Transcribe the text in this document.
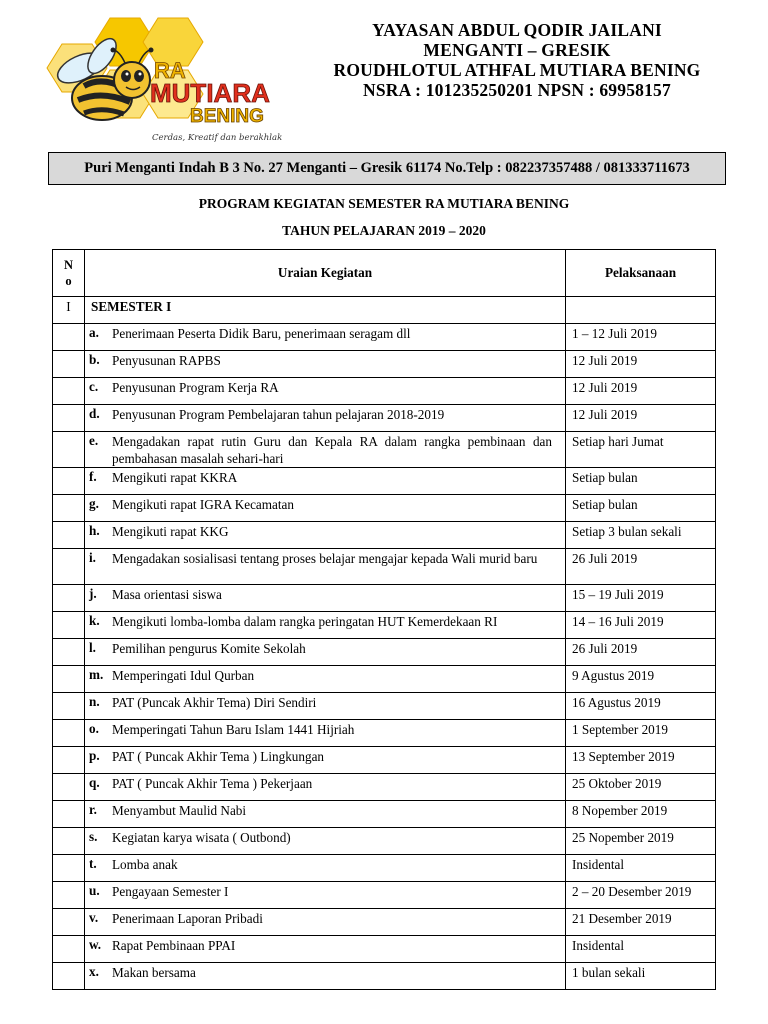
RA
MUTIARA
BENING
Cerdas, Kreatif dan berakhlak
YAYASAN ABDUL QODIR JAILANI
MENGANTI – GRESIK
ROUDHLOTUL ATHFAL MUTIARA BENING
NSRA : 101235250201 NPSN : 69958157
Puri Menganti Indah B 3 No. 27 Menganti – Gresik 61174 No.Telp : 082237357488 / 081333711673
PROGRAM KEGIATAN SEMESTER RA MUTIARA BENING
TAHUN PELAJARAN 2019 – 2020
N
o	Uraian Kegiatan	Pelaksanaan
I	SEMESTER I	
	a. Penerimaan Peserta Didik Baru, penerimaan seragam dll	1 – 12 Juli 2019
	b. Penyusunan RAPBS	12 Juli 2019
	c. Penyusunan Program Kerja RA	12 Juli 2019
	d. Penyusunan Program Pembelajaran tahun pelajaran 2018-2019	12 Juli 2019
	e. Mengadakan rapat rutin Guru dan Kepala RA dalam rangka pembinaan dan pembahasan masalah sehari-hari	Setiap hari Jumat
	f. Mengikuti rapat KKRA	Setiap bulan
	g. Mengikuti rapat IGRA Kecamatan	Setiap bulan
	h. Mengikuti rapat KKG	Setiap 3 bulan sekali
	i. Mengadakan sosialisasi tentang proses belajar mengajar kepada Wali murid baru	26 Juli 2019
	j. Masa orientasi siswa	15 – 19 Juli 2019
	k. Mengikuti lomba-lomba dalam rangka peringatan HUT Kemerdekaan RI	14 – 16 Juli 2019
	l. Pemilihan pengurus Komite Sekolah	26 Juli 2019
	m. Memperingati Idul Qurban	9 Agustus 2019
	n. PAT (Puncak Akhir Tema) Diri Sendiri	16 Agustus 2019
	o. Memperingati Tahun Baru Islam 1441 Hijriah	1 September 2019
	p. PAT ( Puncak Akhir Tema ) Lingkungan	13 September 2019
	q. PAT ( Puncak Akhir Tema ) Pekerjaan	25 Oktober 2019
	r. Menyambut Maulid Nabi	8 Nopember 2019
	s. Kegiatan karya wisata ( Outbond)	25 Nopember 2019
	t. Lomba anak	Insidental
	u. Pengayaan Semester I	2 – 20 Desember 2019
	v. Penerimaan Laporan Pribadi	21 Desember 2019
	w. Rapat Pembinaan PPAI	Insidental
	x. Makan bersama	1 bulan sekali
